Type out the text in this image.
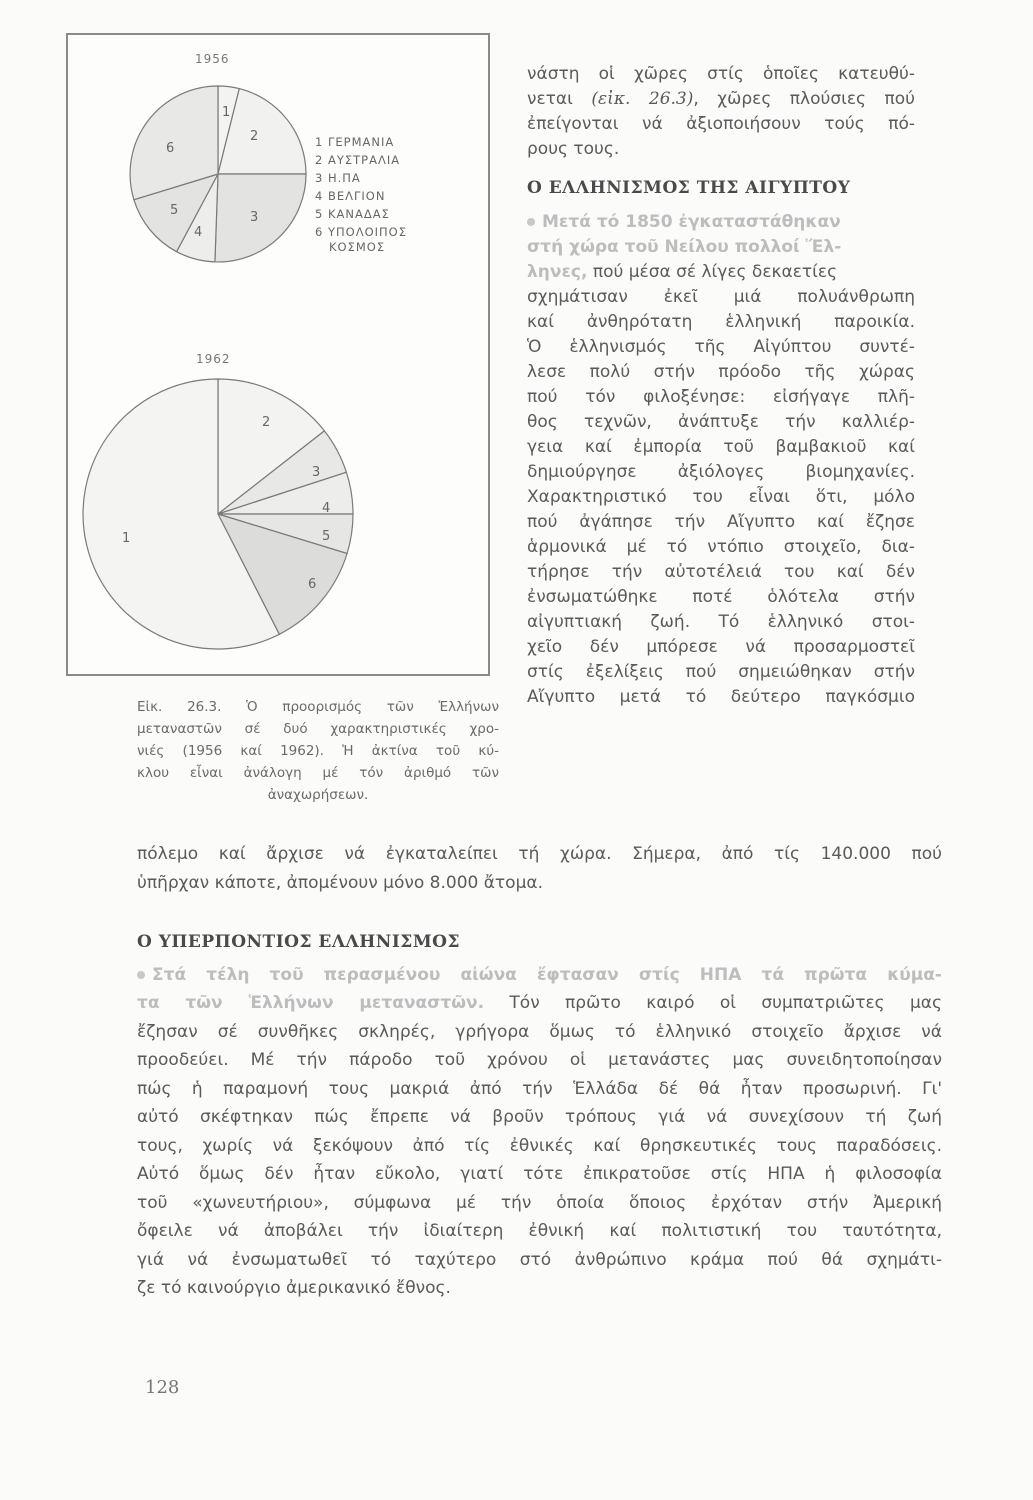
1956
1
2
3
4
5
6	1 ΓΕΡΜΑΝΙΑ
2 ΑΥΣΤΡΑΛΙΑ
3 Η.ΠΑ
4 ΒΕΛΓΙΟΝ
5 ΚΑΝΑΔΑΣ
6 ΥΠΟΛΟΙΠΟΣ
ΚΟΣΜΟΣ
1962
2
3
4
5
6
1
Εἰκ. 26.3. Ὁ προορισμός τῶν Ἑλλήνων
μεταναστῶν σέ δυό χαρακτηριστικές χρο-
νιές (1956 καί 1962). Ἡ ἀκτίνα τοῦ κύ-
κλου εἶναι ἀνάλογη μέ τόν ἀριθμό τῶν
ἀναχωρήσεων.
νάστη οἱ χῶρες στίς ὁποῖες κατευθύ-
νεται (εἰκ. 26.3), χῶρες πλούσιες πού
ἐπείγονται νά ἀξιοποιήσουν τούς πό-
ρους τους.
Ο ΕΛΛΗΝΙΣΜΟΣ ΤΗΣ ΑΙΓΥΠΤΟΥ
Μετά τό 1850 ἐγκαταστάθηκαν
στή χώρα τοῦ Νείλου πολλοί Ἕλ-
ληνες, πού μέσα σέ λίγες δεκαετίες
σχημάτισαν ἐκεῖ μιά πολυάνθρωπη
καί ἀνθηρότατη ἑλληνική παροικία.
Ὁ ἑλληνισμός τῆς Αἰγύπτου συντέ-
λεσε πολύ στήν πρόοδο τῆς χώρας
πού τόν φιλοξένησε: εἰσήγαγε πλῆ-
θος τεχνῶν, ἀνάπτυξε τήν καλλιέρ-
γεια καί ἐμπορία τοῦ βαμβακιοῦ καί
δημιούργησε ἀξιόλογες βιομηχανίες.
Χαρακτηριστικό του εἶναι ὅτι, μόλο
πού ἀγάπησε τήν Αἴγυπτο καί ἔζησε
ἁρμονικά μέ τό ντόπιο στοιχεῖο, δια-
τήρησε τήν αὐτοτέλειά του καί δέν
ἐνσωματώθηκε ποτέ ὁλότελα στήν
αἰγυπτιακή ζωή. Τό ἑλληνικό στοι-
χεῖο δέν μπόρεσε νά προσαρμοστεῖ
στίς ἐξελίξεις πού σημειώθηκαν στήν
Αἴγυπτο μετά τό δεύτερο παγκόσμιο
πόλεμο καί ἄρχισε νά ἐγκαταλείπει τή χώρα. Σήμερα, ἀπό τίς 140.000 πού
ὑπῆρχαν κάποτε, ἀπομένουν μόνο 8.000 ἄτομα.
Ο ΥΠΕΡΠΟΝΤΙΟΣ ΕΛΛΗΝΙΣΜΟΣ
Στά τέλη τοῦ περασμένου αἰώνα ἔφτασαν στίς ΗΠΑ τά πρῶτα κύμα-
τα τῶν Ἑλλήνων μεταναστῶν. Τόν πρῶτο καιρό οἱ συμπατριῶτες μας
ἔζησαν σέ συνθῆκες σκληρές, γρήγορα ὅμως τό ἑλληνικό στοιχεῖο ἄρχισε νά
προοδεύει. Μέ τήν πάροδο τοῦ χρόνου οἱ μετανάστες μας συνειδητοποίησαν
πώς ἡ παραμονή τους μακριά ἀπό τήν Ἑλλάδα δέ θά ἦταν προσωρινή. Γι'
αὐτό σκέφτηκαν πώς ἔπρεπε νά βροῦν τρόπους γιά νά συνεχίσουν τή ζωή
τους, χωρίς νά ξεκόψουν ἀπό τίς ἐθνικές καί θρησκευτικές τους παραδόσεις.
Αὐτό ὅμως δέν ἦταν εὔκολο, γιατί τότε ἐπικρατοῦσε στίς ΗΠΑ ἡ φιλοσοφία
τοῦ «χωνευτήριου», σύμφωνα μέ τήν ὁποία ὅποιος ἐρχόταν στήν Ἀμερική
ὄφειλε νά ἀποβάλει τήν ἰδιαίτερη ἐθνική καί πολιτιστική του ταυτότητα,
γιά νά ἐνσωματωθεῖ τό ταχύτερο στό ἀνθρώπινο κράμα πού θά σχημάτι-
ζε τό καινούργιο ἀμερικανικό ἔθνος.
128
